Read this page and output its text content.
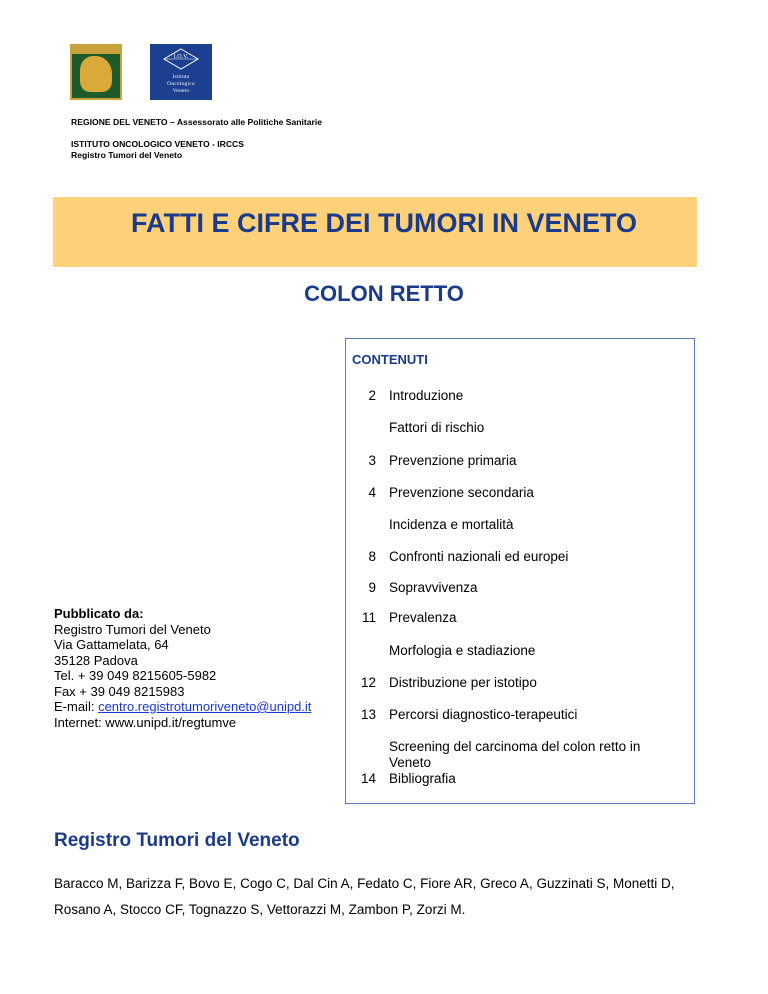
I.O.V.
Istituto
Oncologico
Veneto
REGIONE DEL VENETO – Assessorato alle Politiche Sanitarie
ISTITUTO ONCOLOGICO VENETO - IRCCS
Registro Tumori del Veneto
FATTI E CIFRE DEI TUMORI IN VENETO
COLON RETTO
CONTENUTI
2 Introduzione
Fattori di rischio
3 Prevenzione primaria
4 Prevenzione secondaria
Incidenza e mortalità
8 Confronti nazionali ed europei
9 Sopravvivenza
11 Prevalenza
Morfologia e stadiazione
12 Distribuzione per istotipo
13 Percorsi diagnostico-terapeutici
Screening del carcinoma del colon retto in Veneto
14 Bibliografia
Pubblicato da:
Registro Tumori del Veneto
Via Gattamelata, 64
35128 Padova
Tel. + 39 049 8215605-5982
Fax + 39 049 8215983
E-mail: centro.registrotumoriveneto@unipd.it
Internet: www.unipd.it/regtumve
Registro Tumori del Veneto
Baracco M, Barizza F, Bovo E, Cogo C, Dal Cin A, Fedato C, Fiore AR, Greco A, Guzzinati S, Monetti D, Rosano A, Stocco CF, Tognazzo S, Vettorazzi M, Zambon P, Zorzi M.
